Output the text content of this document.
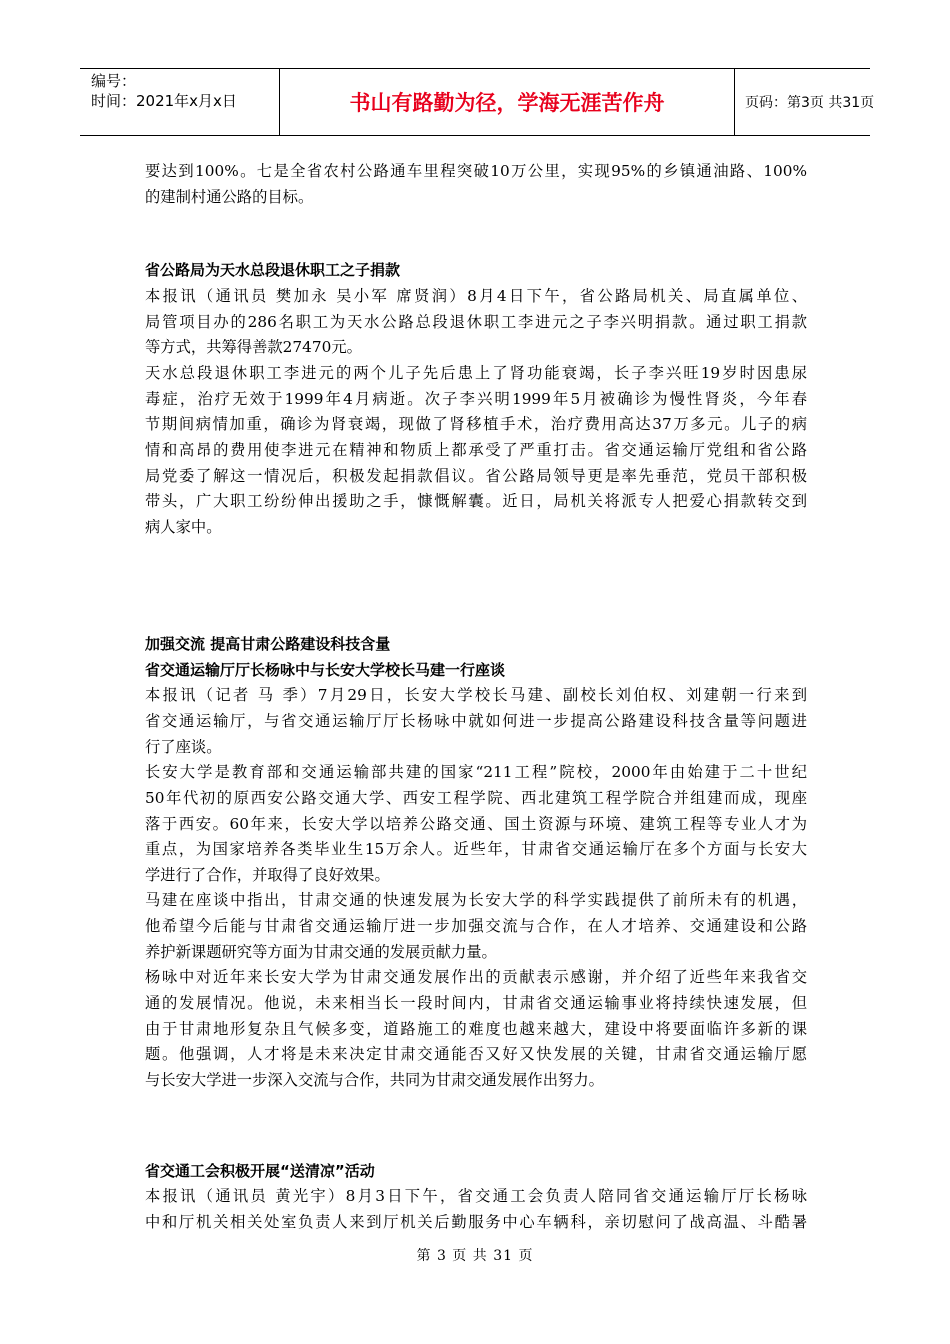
编号：
时间：2021年x月x日	书山有路勤为径，学海无涯苦作舟	页码：第3页 共31页
要达到100%。七是全省农村公路通车里程突破10万公里，实现95%的乡镇通油路、100%
的建制村通公路的目标。
省公路局为天水总段退休职工之子捐款
本报讯（通讯员 樊加永 吴小军 席贤润）8月4日下午，省公路局机关、局直属单位、
局管项目办的286名职工为天水公路总段退休职工李进元之子李兴明捐款。通过职工捐款
等方式，共筹得善款27470元。
天水总段退休职工李进元的两个儿子先后患上了肾功能衰竭，长子李兴旺19岁时因患尿
毒症，治疗无效于1999年4月病逝。次子李兴明1999年5月被确诊为慢性肾炎，今年春
节期间病情加重，确诊为肾衰竭，现做了肾移植手术，治疗费用高达37万多元。儿子的病
情和高昂的费用使李进元在精神和物质上都承受了严重打击。省交通运输厅党组和省公路
局党委了解这一情况后，积极发起捐款倡议。省公路局领导更是率先垂范，党员干部积极
带头，广大职工纷纷伸出援助之手，慷慨解囊。近日，局机关将派专人把爱心捐款转交到
病人家中。
加强交流 提高甘肃公路建设科技含量
省交通运输厅厅长杨咏中与长安大学校长马建一行座谈
本报讯（记者 马 季）7月29日，长安大学校长马建、副校长刘伯权、刘建朝一行来到
省交通运输厅，与省交通运输厅厅长杨咏中就如何进一步提高公路建设科技含量等问题进
行了座谈。
长安大学是教育部和交通运输部共建的国家“211工程”院校，2000年由始建于二十世纪
50年代初的原西安公路交通大学、西安工程学院、西北建筑工程学院合并组建而成，现座
落于西安。60年来，长安大学以培养公路交通、国土资源与环境、建筑工程等专业人才为
重点，为国家培养各类毕业生15万余人。近些年，甘肃省交通运输厅在多个方面与长安大
学进行了合作，并取得了良好效果。
马建在座谈中指出，甘肃交通的快速发展为长安大学的科学实践提供了前所未有的机遇，
他希望今后能与甘肃省交通运输厅进一步加强交流与合作，在人才培养、交通建设和公路
养护新课题研究等方面为甘肃交通的发展贡献力量。
杨咏中对近年来长安大学为甘肃交通发展作出的贡献表示感谢，并介绍了近些年来我省交
通的发展情况。他说，未来相当长一段时间内，甘肃省交通运输事业将持续快速发展，但
由于甘肃地形复杂且气候多变，道路施工的难度也越来越大，建设中将要面临许多新的课
题。他强调，人才将是未来决定甘肃交通能否又好又快发展的关键，甘肃省交通运输厅愿
与长安大学进一步深入交流与合作，共同为甘肃交通发展作出努力。
省交通工会积极开展“送清凉”活动
本报讯（通讯员 黄光宇）8月3日下午，省交通工会负责人陪同省交通运输厅厅长杨咏
中和厅机关相关处室负责人来到厅机关后勤服务中心车辆科，亲切慰问了战高温、斗酷暑
第 3 页 共 31 页
